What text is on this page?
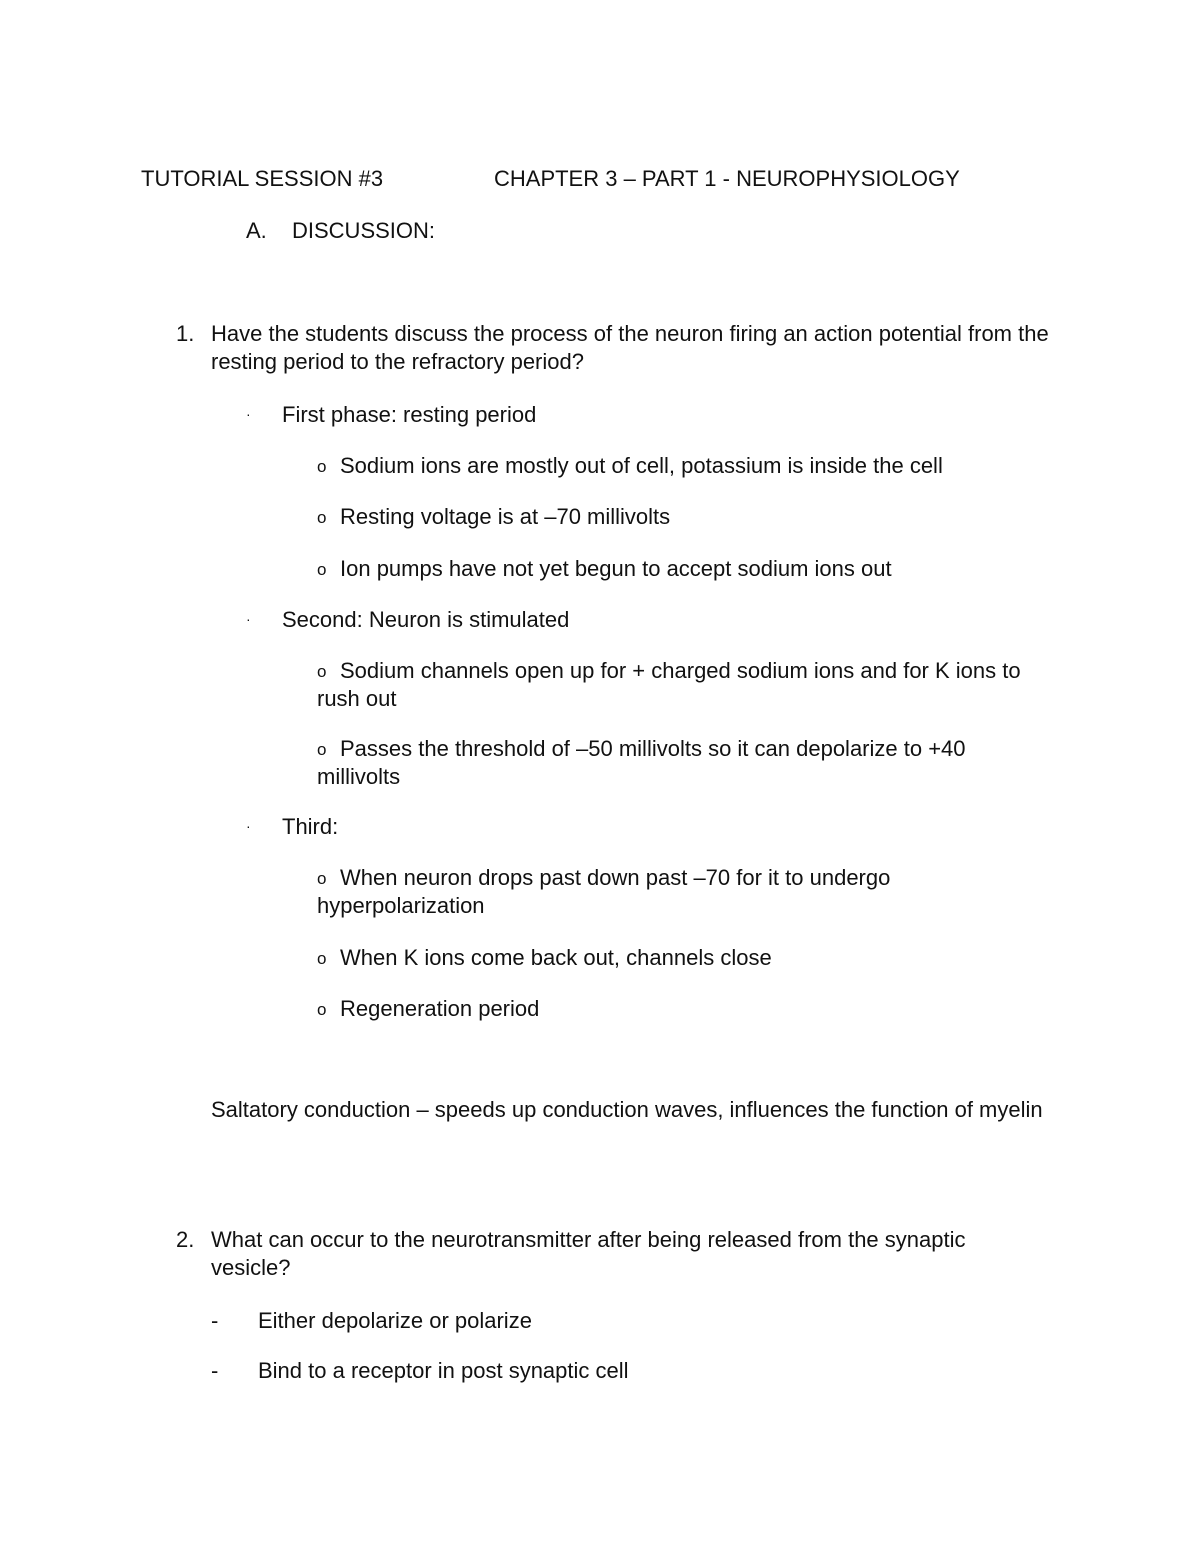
TUTORIAL SESSION #3	CHAPTER 3 – PART 1 - NEUROPHYSIOLOGY
A. DISCUSSION:
1. Have the students discuss the process of the neuron firing an action potential from the resting period to the refractory period?
· First phase: resting period
o Sodium ions are mostly out of cell, potassium is inside the cell
o Resting voltage is at –70 millivolts
o Ion pumps have not yet begun to accept sodium ions out
· Second: Neuron is stimulated
o Sodium channels open up for + charged sodium ions and for K ions to rush out
o Passes the threshold of –50 millivolts so it can depolarize to +40 millivolts
· Third:
o When neuron drops past down past –70 for it to undergo hyperpolarization
o When K ions come back out, channels close
o Regeneration period
Saltatory conduction – speeds up conduction waves, influences the function of myelin
2. What can occur to the neurotransmitter after being released from the synaptic vesicle?
- Either depolarize or polarize
- Bind to a receptor in post synaptic cell
